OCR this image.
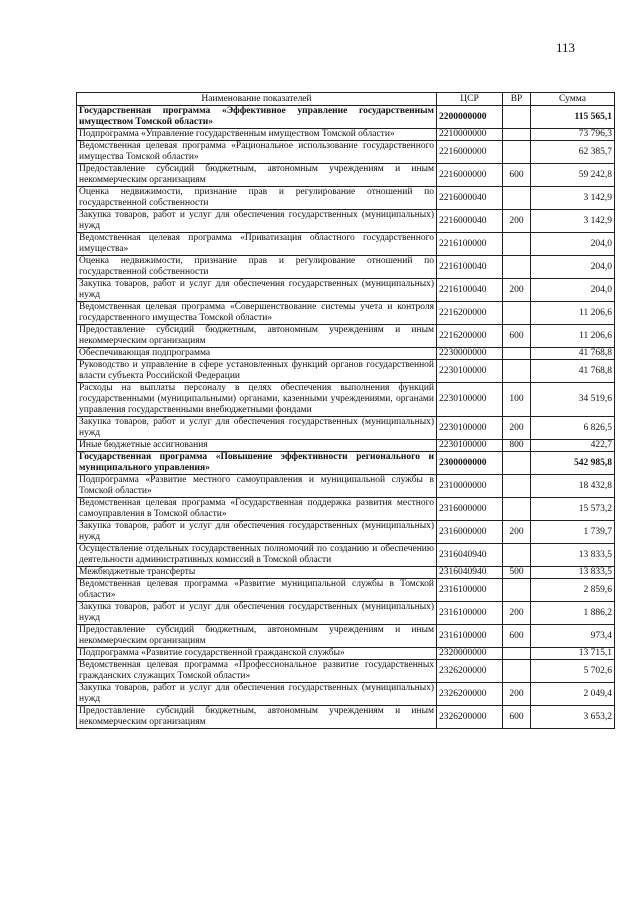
113
Наименование показателей	ЦСР	ВР	Сумма
Государственная программа «Эффективное управление государственным имуществом Томской области»	2200000000		115 565,1
Подпрограмма «Управление государственным имуществом Томской области»	2210000000		73 796,3
Ведомственная целевая программа «Рациональное использование государственного имущества Томской области»	2216000000		62 385,7
Предоставление субсидий бюджетным, автономным учреждениям и иным некоммерческим организациям	2216000000	600	59 242,8
Оценка недвижимости, признание прав и регулирование отношений по государственной собственности	2216000040		3 142,9
Закупка товаров, работ и услуг для обеспечения государственных (муниципальных) нужд	2216000040	200	3 142,9
Ведомственная целевая программа «Приватизация областного государственного имущества»	2216100000		204,0
Оценка недвижимости, признание прав и регулирование отношений по государственной собственности	2216100040		204,0
Закупка товаров, работ и услуг для обеспечения государственных (муниципальных) нужд	2216100040	200	204,0
Ведомственная целевая программа «Совершенствование системы учета и контроля государственного имущества Томской области»	2216200000		11 206,6
Предоставление субсидий бюджетным, автономным учреждениям и иным некоммерческим организациям	2216200000	600	11 206,6
Обеспечивающая подпрограмма	2230000000		41 768,8
Руководство и управление в сфере установленных функций органов государственной власти субъекта Российской Федерации	2230100000		41 768,8
Расходы на выплаты персоналу в целях обеспечения выполнения функций государственными (муниципальными) органами, казенными учреждениями, органами управления государственными внебюджетными фондами	2230100000	100	34 519,6
Закупка товаров, работ и услуг для обеспечения государственных (муниципальных) нужд	2230100000	200	6 826,5
Иные бюджетные ассигнования	2230100000	800	422,7
Государственная программа «Повышение эффективности регионального и муниципального управления»	2300000000		542 985,8
Подпрограмма «Развитие местного самоуправления и муниципальной службы в Томской области»	2310000000		18 432,8
Ведомственная целевая программа «Государственная поддержка развития местного самоуправления в Томской области»	2316000000		15 573,2
Закупка товаров, работ и услуг для обеспечения государственных (муниципальных) нужд	2316000000	200	1 739,7
Осуществление отдельных государственных полномочий по созданию и обеспечению деятельности административных комиссий в Томской области	2316040940		13 833,5
Межбюджетные трансферты	2316040940	500	13 833,5
Ведомственная целевая программа «Развитие муниципальной службы в Томской области»	2316100000		2 859,6
Закупка товаров, работ и услуг для обеспечения государственных (муниципальных) нужд	2316100000	200	1 886,2
Предоставление субсидий бюджетным, автономным учреждениям и иным некоммерческим организациям	2316100000	600	973,4
Подпрограмма «Развитие государственной гражданской службы»	2320000000		13 715,1
Ведомственная целевая программа «Профессиональное развитие государственных гражданских служащих Томской области»	2326200000		5 702,6
Закупка товаров, работ и услуг для обеспечения государственных (муниципальных) нужд	2326200000	200	2 049,4
Предоставление субсидий бюджетным, автономным учреждениям и иным некоммерческим организациям	2326200000	600	3 653,2
